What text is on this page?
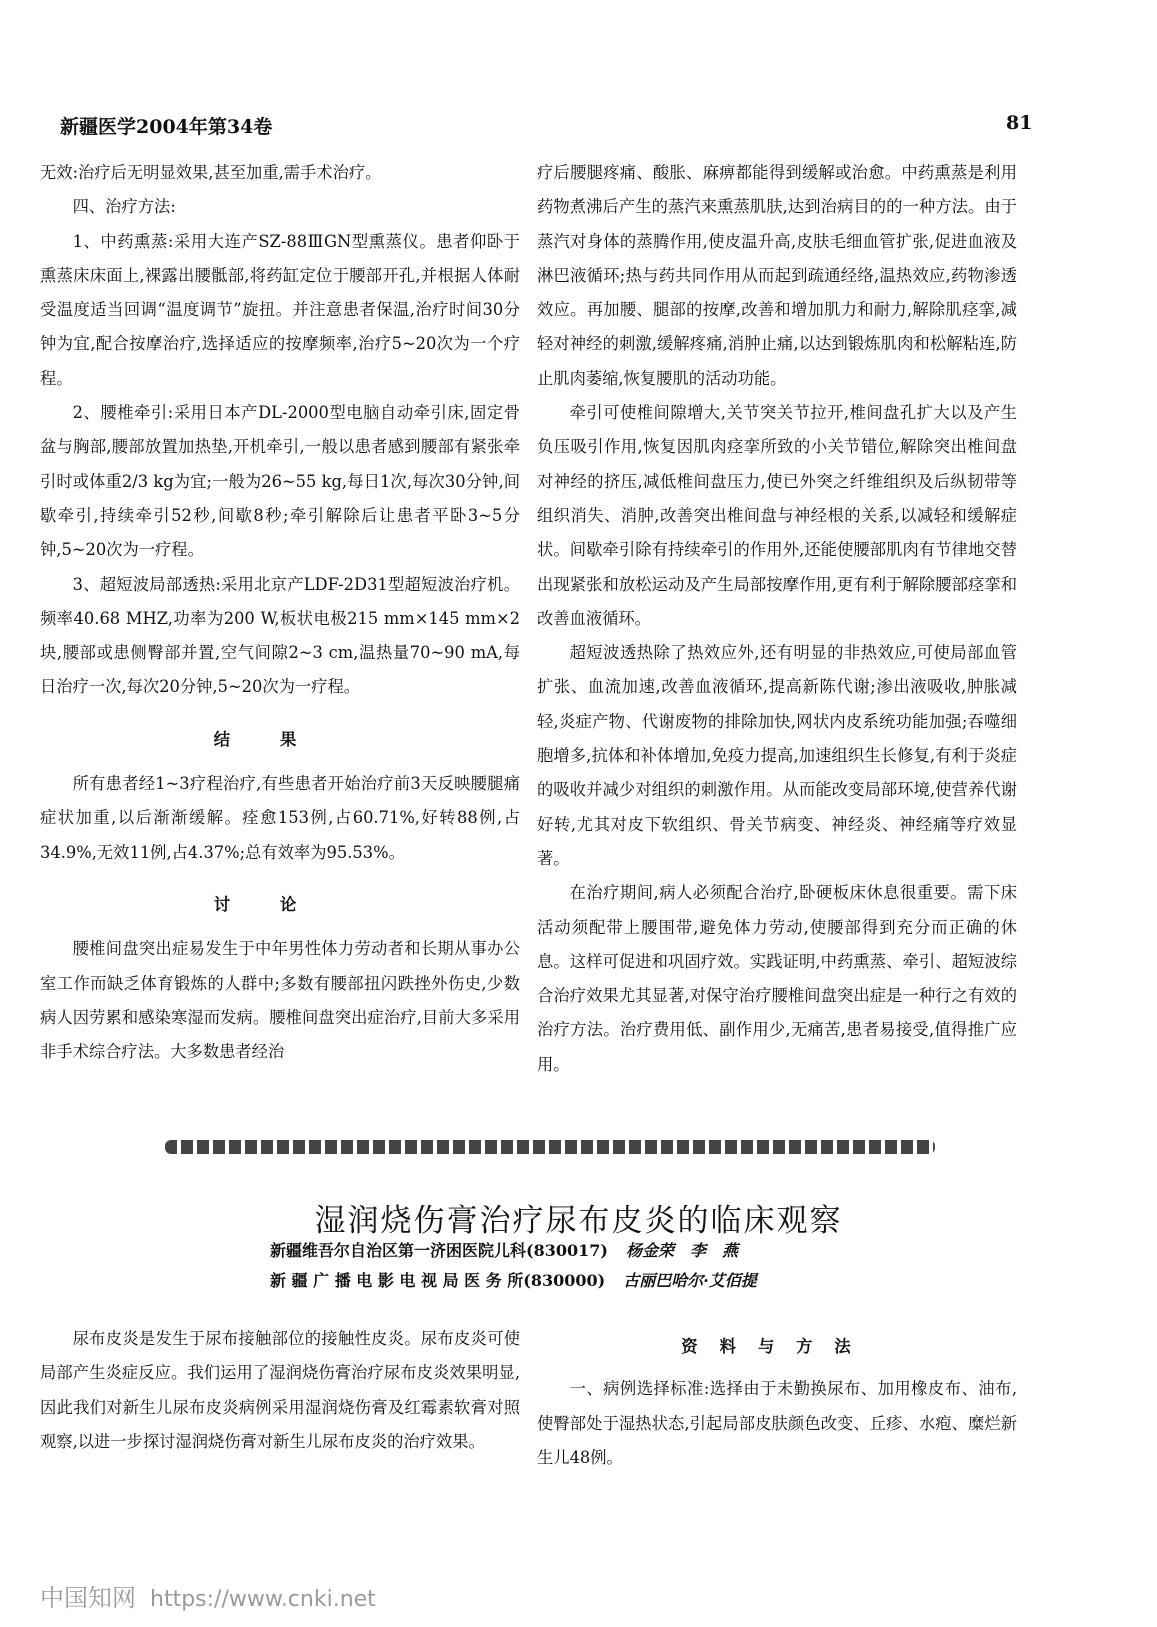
新疆医学2004年第34卷	81

无效:治疗后无明显效果,甚至加重,需手术治疗。

四、治疗方法:

1、中药熏蒸:采用大连产SZ-88ⅢGN型熏蒸仪。患者仰卧于熏蒸床床面上,裸露出腰骶部,将药缸定位于腰部开孔,并根据人体耐受温度适当回调“温度调节”旋扭。并注意患者保温,治疗时间30分钟为宜,配合按摩治疗,选择适应的按摩频率,治疗5~20次为一个疗程。

2、腰椎牵引:采用日本产DL-2000型电脑自动牵引床,固定骨盆与胸部,腰部放置加热垫,开机牵引,一般以患者感到腰部有紧张牵引时或体重2/3 kg为宜;一般为26~55 kg,每日1次,每次30分钟,间歇牵引,持续牵引52秒,间歇8秒;牵引解除后让患者平卧3~5分钟,5~20次为一疗程。

3、超短波局部透热:采用北京产LDF-2D31型超短波治疗机。频率40.68 MHZ,功率为200 W,板状电极215 mm×145 mm×2块,腰部或患侧臀部并置,空气间隙2~3 cm,温热量70~90 mA,每日治疗一次,每次20分钟,5~20次为一疗程。

结果

所有患者经1~3疗程治疗,有些患者开始治疗前3天反映腰腿痛症状加重,以后渐渐缓解。痊愈153例,占60.71%,好转88例,占34.9%,无效11例,占4.37%;总有效率为95.53%。

讨论

腰椎间盘突出症易发生于中年男性体力劳动者和长期从事办公室工作而缺乏体育锻炼的人群中;多数有腰部扭闪跌挫外伤史,少数病人因劳累和感染寒湿而发病。腰椎间盘突出症治疗,目前大多采用非手术综合疗法。大多数患者经治

疗后腰腿疼痛、酸胀、麻痹都能得到缓解或治愈。中药熏蒸是利用药物煮沸后产生的蒸汽来熏蒸肌肤,达到治病目的的一种方法。由于蒸汽对身体的蒸腾作用,使皮温升高,皮肤毛细血管扩张,促进血液及淋巴液循环;热与药共同作用从而起到疏通经络,温热效应,药物渗透效应。再加腰、腿部的按摩,改善和增加肌力和耐力,解除肌痉挛,减轻对神经的刺激,缓解疼痛,消肿止痛,以达到锻炼肌肉和松解粘连,防止肌肉萎缩,恢复腰肌的活动功能。

牵引可使椎间隙增大,关节突关节拉开,椎间盘孔扩大以及产生负压吸引作用,恢复因肌肉痉挛所致的小关节错位,解除突出椎间盘对神经的挤压,减低椎间盘压力,使已外突之纤维组织及后纵韧带等组织消失、消肿,改善突出椎间盘与神经根的关系,以减轻和缓解症状。间歇牵引除有持续牵引的作用外,还能使腰部肌肉有节律地交替出现紧张和放松运动及产生局部按摩作用,更有利于解除腰部痉挛和改善血液循环。

超短波透热除了热效应外,还有明显的非热效应,可使局部血管扩张、血流加速,改善血液循环,提高新陈代谢;渗出液吸收,肿胀减轻,炎症产物、代谢废物的排除加快,网状内皮系统功能加强;吞噬细胞增多,抗体和补体增加,免疫力提高,加速组织生长修复,有利于炎症的吸收并减少对组织的刺激作用。从而能改变局部环境,使营养代谢好转,尤其对皮下软组织、骨关节病变、神经炎、神经痛等疗效显著。

在治疗期间,病人必须配合治疗,卧硬板床休息很重要。需下床活动须配带上腰围带,避免体力劳动,使腰部得到充分而正确的休息。这样可促进和巩固疗效。实践证明,中药熏蒸、牵引、超短波综合治疗效果尤其显著,对保守治疗腰椎间盘突出症是一种行之有效的治疗方法。治疗费用低、副作用少,无痛苦,患者易接受,值得推广应用。

湿润烧伤膏治疗尿布皮炎的临床观察
新疆维吾尔自治区第一济困医院儿科(830017) 杨金荣　李　燕
新 疆 广 播 电 影 电 视 局 医 务 所(830000) 古丽巴哈尔·艾佰提

尿布皮炎是发生于尿布接触部位的接触性皮炎。尿布皮炎可使局部产生炎症反应。我们运用了湿润烧伤膏治疗尿布皮炎效果明显,因此我们对新生儿尿布皮炎病例采用湿润烧伤膏及红霉素软膏对照观察,以进一步探讨湿润烧伤膏对新生儿尿布皮炎的治疗效果。

资料与方法

一、病例选择标准:选择由于未勤换尿布、加用橡皮布、油布,使臀部处于湿热状态,引起局部皮肤颜色改变、丘疹、水疱、糜烂新生儿48例。

中国知网 https://www.cnki.net
